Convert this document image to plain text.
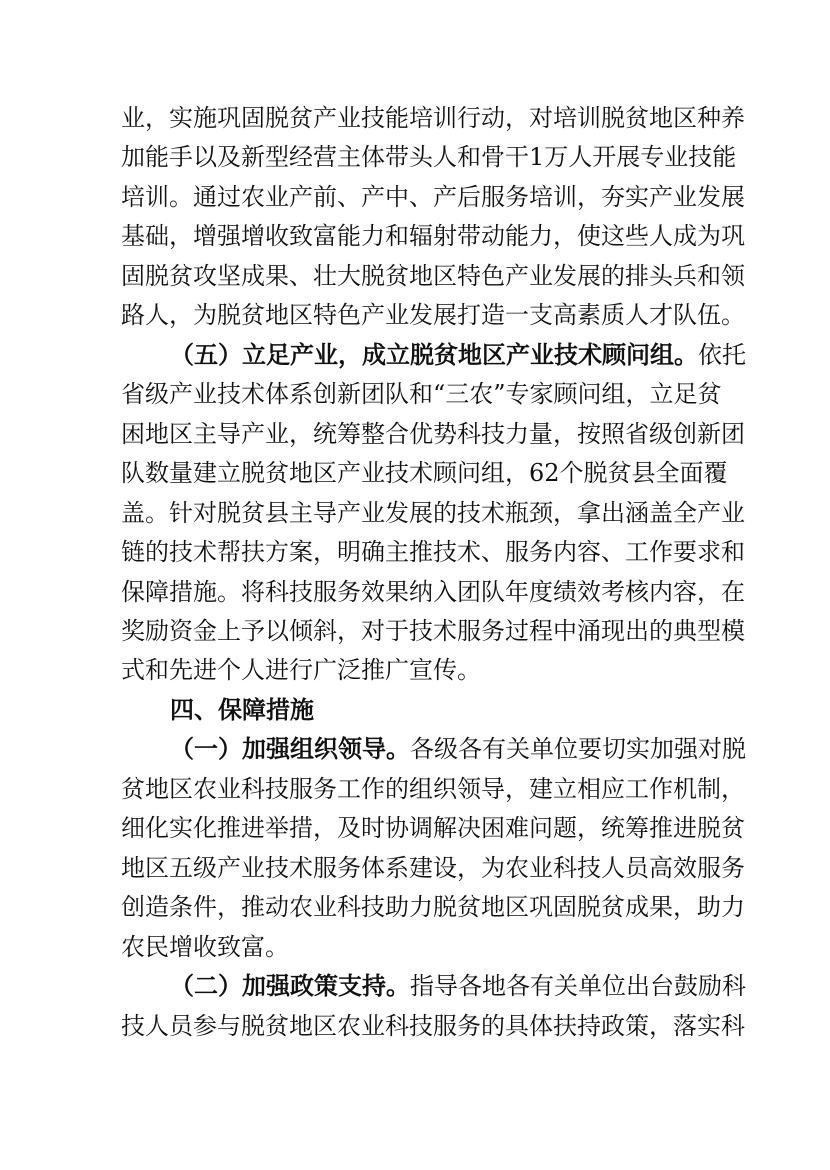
业，实施巩固脱贫产业技能培训行动，对培训脱贫地区种养
加能手以及新型经营主体带头人和骨干1万人开展专业技能
培训。通过农业产前、产中、产后服务培训，夯实产业发展
基础，增强增收致富能力和辐射带动能力，使这些人成为巩
固脱贫攻坚成果、壮大脱贫地区特色产业发展的排头兵和领
路人，为脱贫地区特色产业发展打造一支高素质人才队伍。
（五）立足产业，成立脱贫地区产业技术顾问组。依托
省级产业技术体系创新团队和“三农”专家顾问组，立足贫
困地区主导产业，统筹整合优势科技力量，按照省级创新团
队数量建立脱贫地区产业技术顾问组，62个脱贫县全面覆
盖。针对脱贫县主导产业发展的技术瓶颈，拿出涵盖全产业
链的技术帮扶方案，明确主推技术、服务内容、工作要求和
保障措施。将科技服务效果纳入团队年度绩效考核内容，在
奖励资金上予以倾斜，对于技术服务过程中涌现出的典型模
式和先进个人进行广泛推广宣传。
四、保障措施
（一）加强组织领导。各级各有关单位要切实加强对脱
贫地区农业科技服务工作的组织领导，建立相应工作机制，
细化实化推进举措，及时协调解决困难问题，统筹推进脱贫
地区五级产业技术服务体系建设，为农业科技人员高效服务
创造条件，推动农业科技助力脱贫地区巩固脱贫成果，助力
农民增收致富。
（二）加强政策支持。指导各地各有关单位出台鼓励科
技人员参与脱贫地区农业科技服务的具体扶持政策，落实科
